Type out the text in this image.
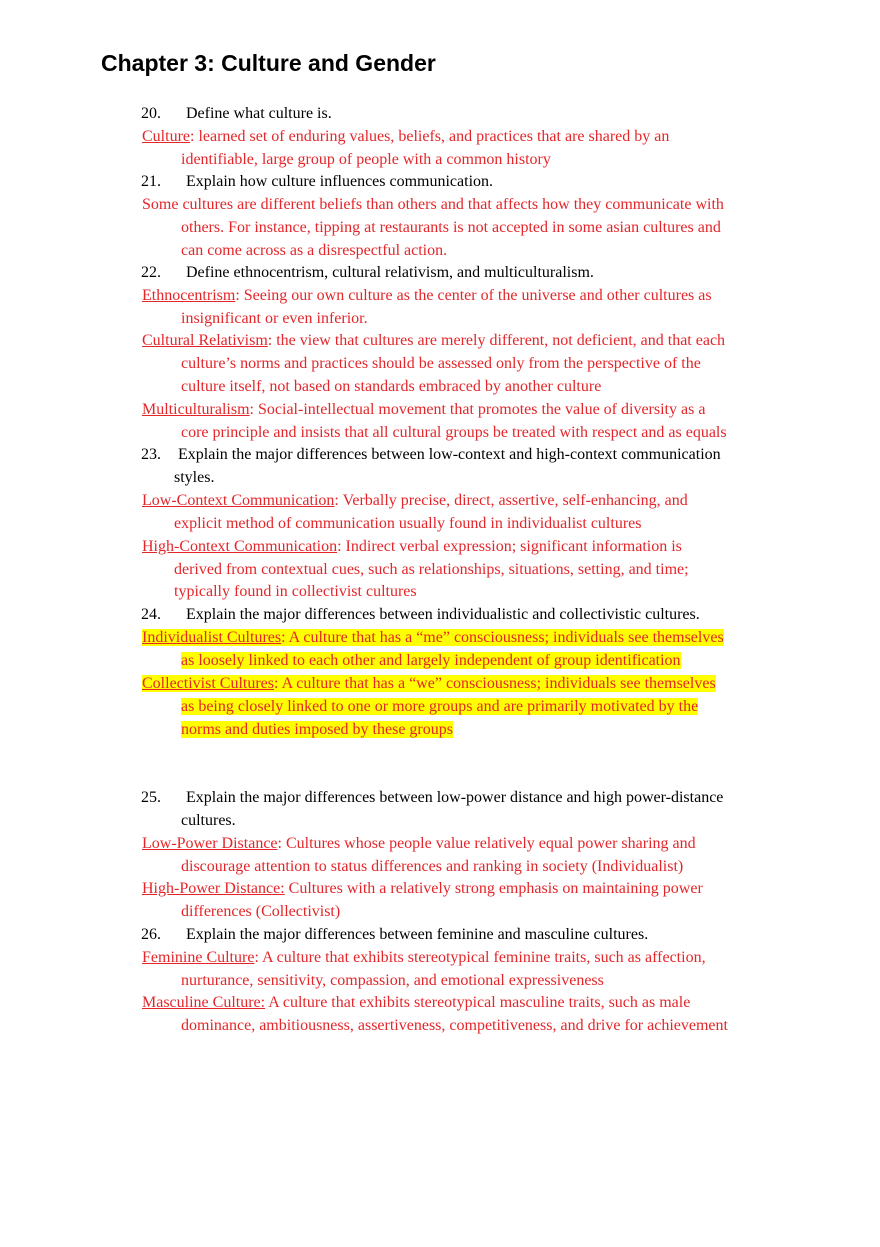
Chapter 3: Culture and Gender
20. Define what culture is.
Culture: learned set of enduring values, beliefs, and practices that are shared by an
identifiable, large group of people with a common history
21. Explain how culture influences communication.
Some cultures are different beliefs than others and that affects how they communicate with
others. For instance, tipping at restaurants is not accepted in some asian cultures and
can come across as a disrespectful action.
22. Define ethnocentrism, cultural relativism, and multiculturalism.
Ethnocentrism: Seeing our own culture as the center of the universe and other cultures as
insignificant or even inferior.
Cultural Relativism: the view that cultures are merely different, not deficient, and that each
culture’s norms and practices should be assessed only from the perspective of the
culture itself, not based on standards embraced by another culture
Multiculturalism: Social-intellectual movement that promotes the value of diversity as a
core principle and insists that all cultural groups be treated with respect and as equals
23. Explain the major differences between low-context and high-context communication
styles.
Low-Context Communication: Verbally precise, direct, assertive, self-enhancing, and
explicit method of communication usually found in individualist cultures
High-Context Communication: Indirect verbal expression; significant information is
derived from contextual cues, such as relationships, situations, setting, and time;
typically found in collectivist cultures
24. Explain the major differences between individualistic and collectivistic cultures.
Individualist Cultures: A culture that has a “me” consciousness; individuals see themselves
as loosely linked to each other and largely independent of group identification
Collectivist Cultures: A culture that has a “we” consciousness; individuals see themselves
as being closely linked to one or more groups and are primarily motivated by the
norms and duties imposed by these groups
25. Explain the major differences between low-power distance and high power-distance
cultures.
Low-Power Distance: Cultures whose people value relatively equal power sharing and
discourage attention to status differences and ranking in society (Individualist)
High-Power Distance: Cultures with a relatively strong emphasis on maintaining power
differences (Collectivist)
26. Explain the major differences between feminine and masculine cultures.
Feminine Culture: A culture that exhibits stereotypical feminine traits, such as affection,
nurturance, sensitivity, compassion, and emotional expressiveness
Masculine Culture: A culture that exhibits stereotypical masculine traits, such as male
dominance, ambitiousness, assertiveness, competitiveness, and drive for achievement
